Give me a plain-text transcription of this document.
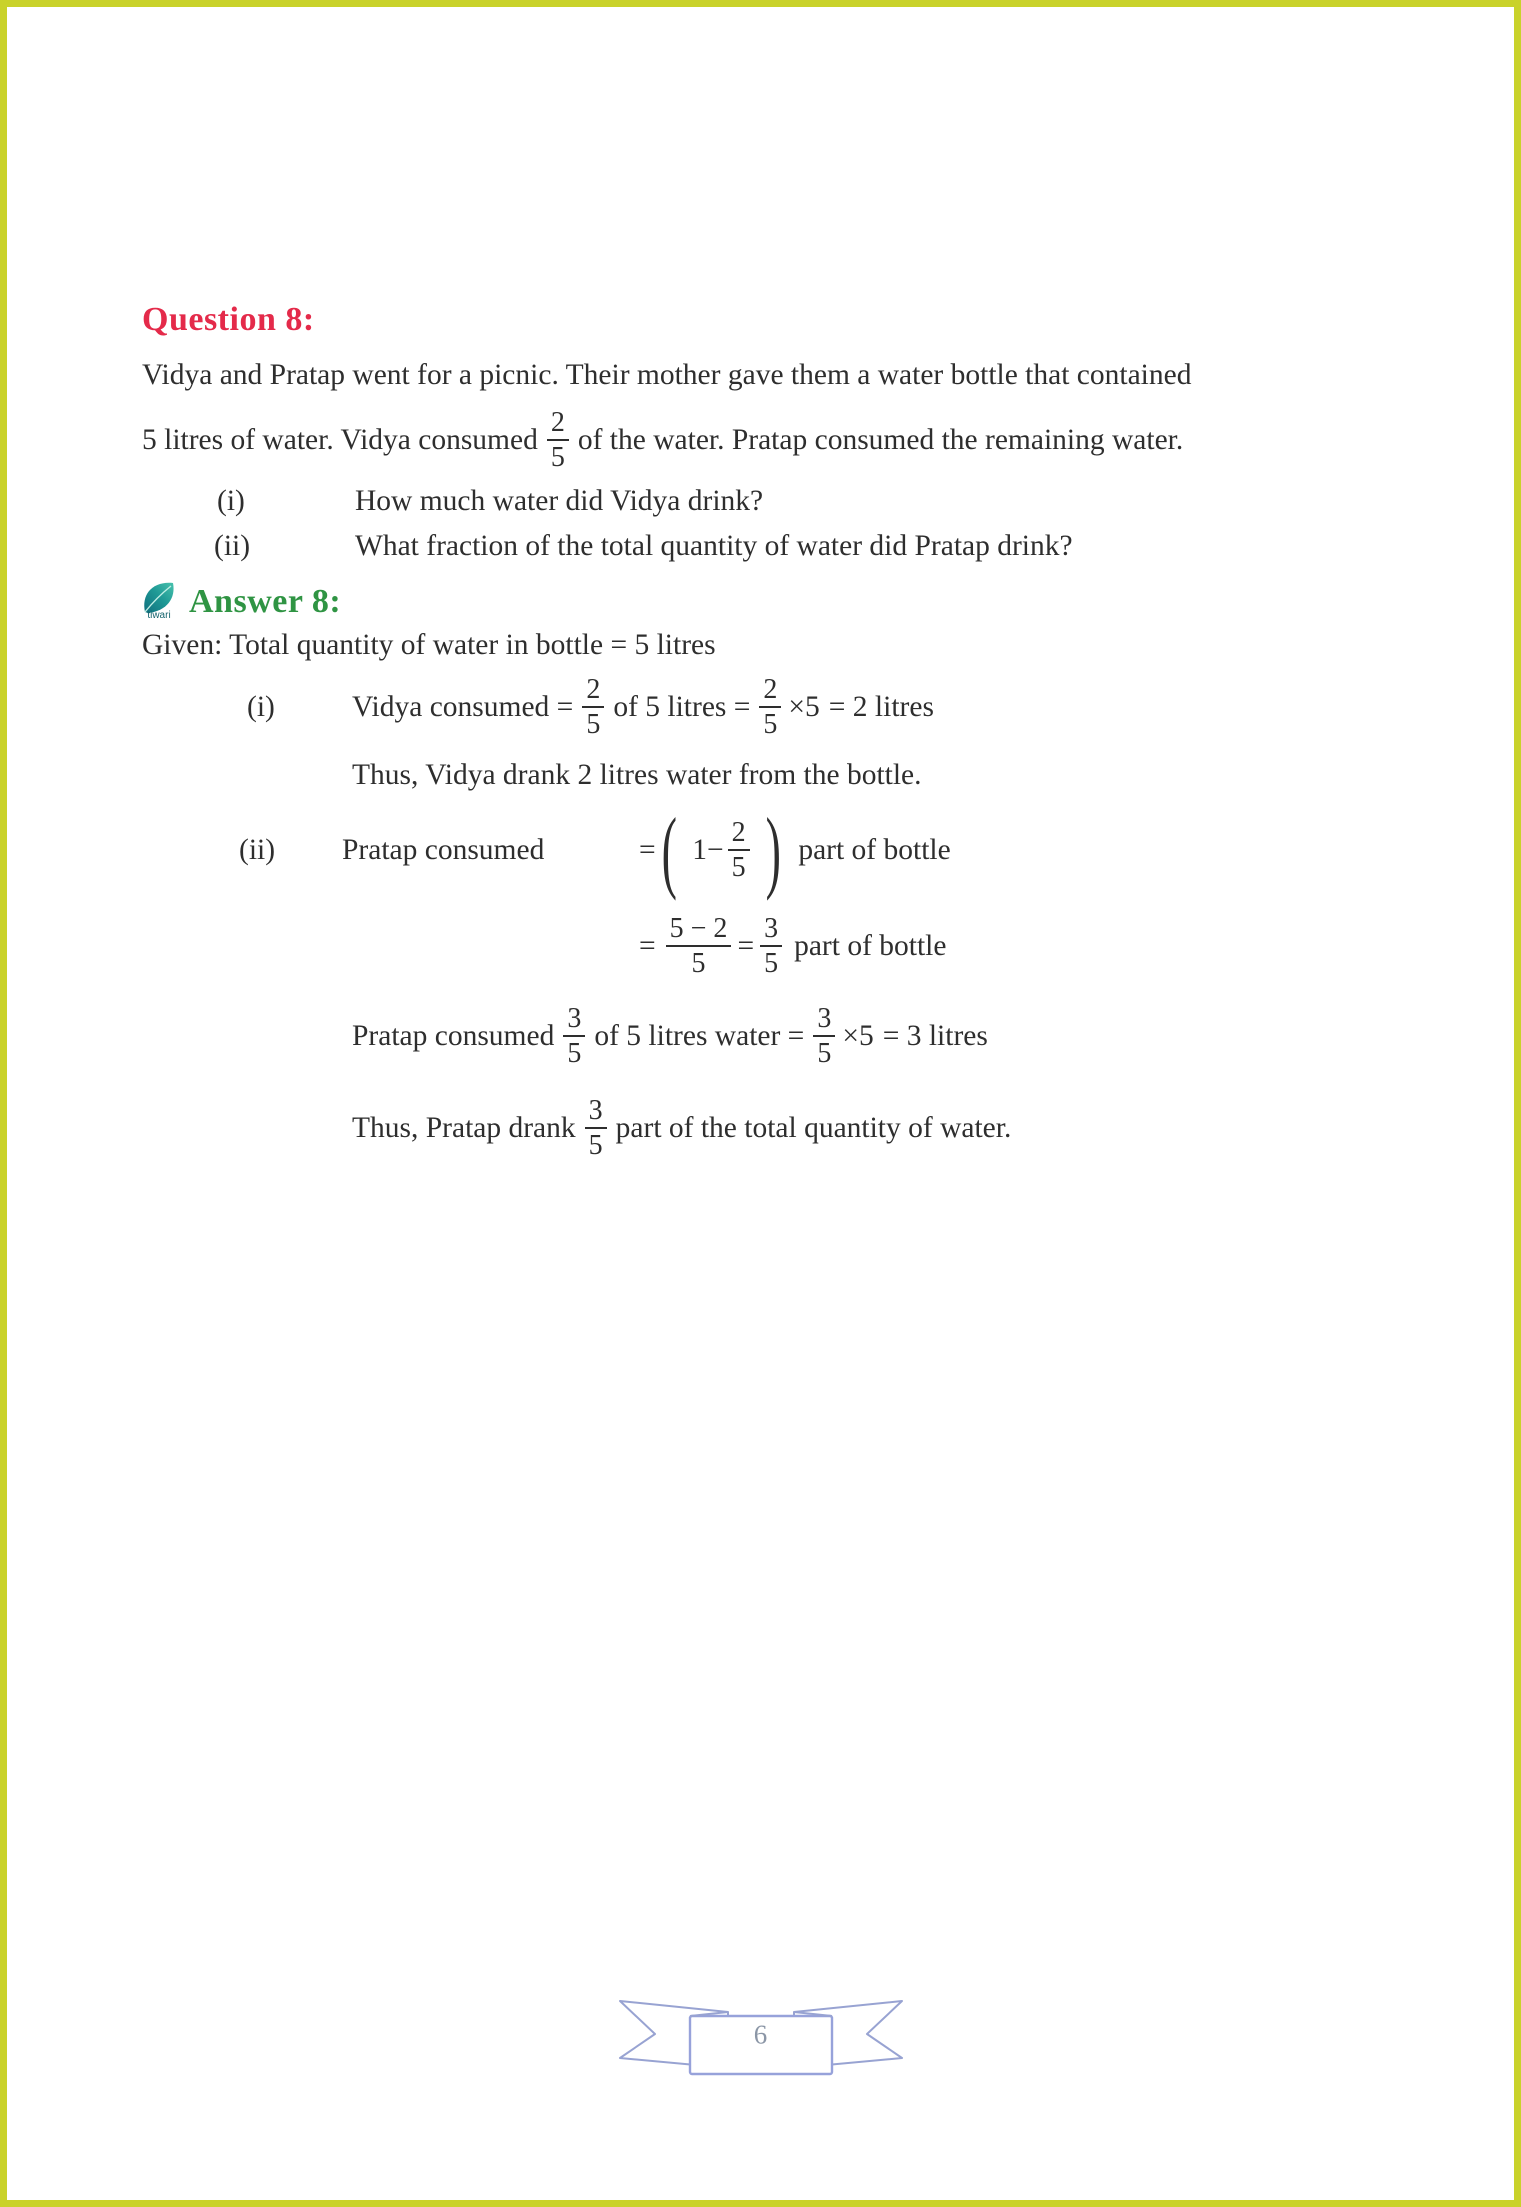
Question 8:
Vidya and Pratap went for a picnic. Their mother gave them a water bottle that contained
5 litres of water. Vidya consumed $\frac{2}{5}$ of the water. Pratap consumed the remaining water.
(i)	How much water did Vidya drink?
(ii)	What fraction of the total quantity of water did Pratap drink?
tiwari Answer 8:
Given: Total quantity of water in bottle = 5 litres
(i)	Vidya consumed = $\frac{2}{5}$ of 5 litres = $\frac{2}{5} \times 5 = 2$ litres
Thus, Vidya drank 2 litres water from the bottle.
(ii)	Pratap consumed	= ( $1- \frac{2}{5}$ ) part of bottle
= $\frac{5 - 2}{5} = \frac{3}{5}$ part of bottle
Pratap consumed $\frac{3}{5}$ of 5 litres water = $\frac{3}{5} \times 5 = 3$ litres
Thus, Pratap drank $\frac{3}{5}$ part of the total quantity of water.
6
